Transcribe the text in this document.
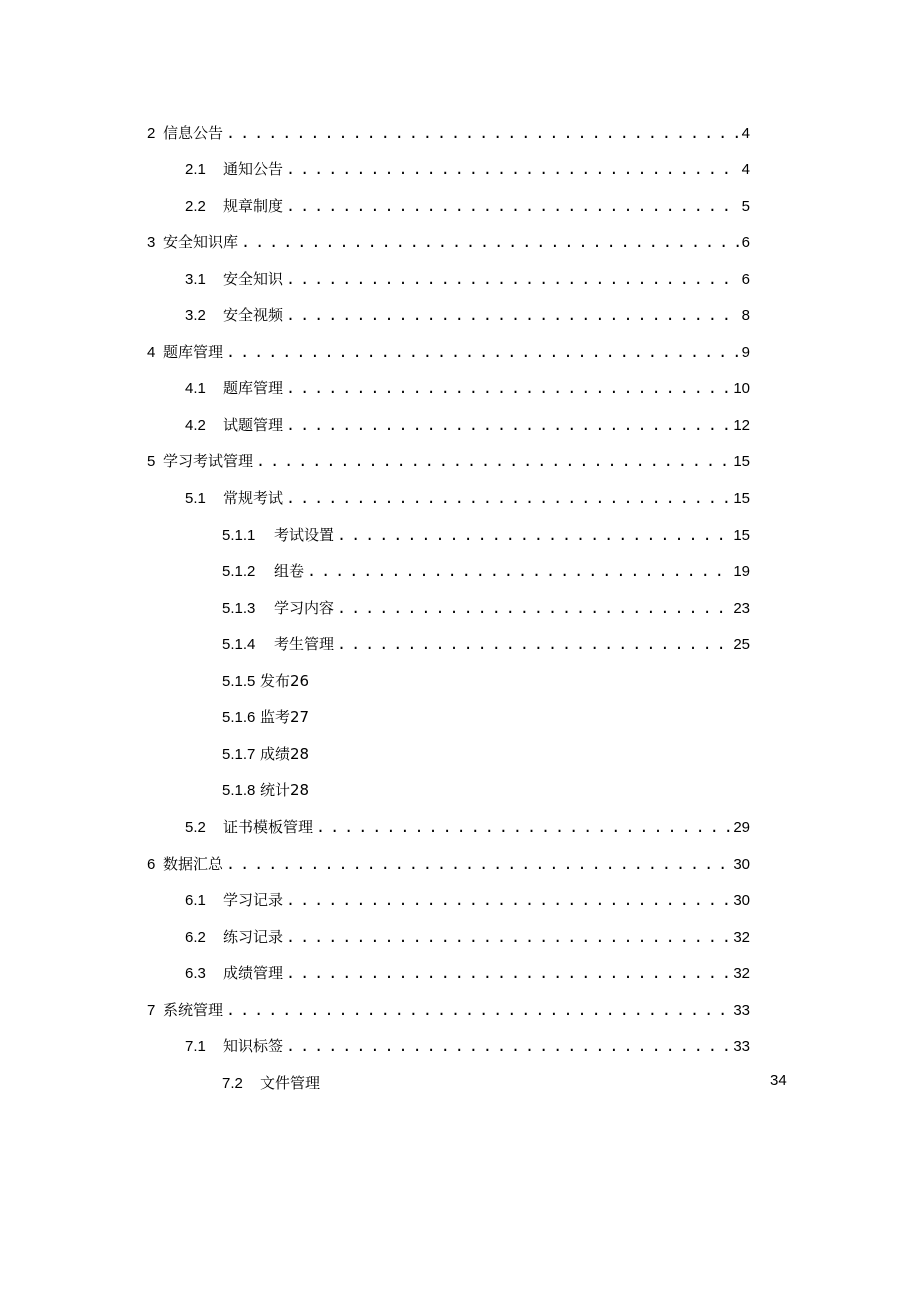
2 信息公告 . . .	4
2.1	通知公告 . . .	4
2.2	规章制度 . . .	5
3 安全知识库 . . .	6
3.1	安全知识 . . .	6
3.2	安全视频 . . .	8
4 题库管理 . . .	9
4.1	题库管理 . . .	10
4.2	试题管理 . . .	12
5 学习考试管理 . . .	15
5.1	常规考试 . . .	15
5.1.1	考试设置 . . .	15
5.1.2	组卷 . . .	19
5.1.3	学习内容 . . .	23
5.1.4	考生管理 . . .	25
5.1.5 发布26
5.1.6 监考27
5.1.7 成绩28
5.1.8 统计28
5.2	证书模板管理 . . .	29
6 数据汇总 . . .	30
6.1	学习记录 . . .	30
6.2	练习记录 . . .	32
6.3	成绩管理 . . .	32
7 系统管理 . . .	33
7.1	知识标签 . . .	33
7.2	文件管理	34
